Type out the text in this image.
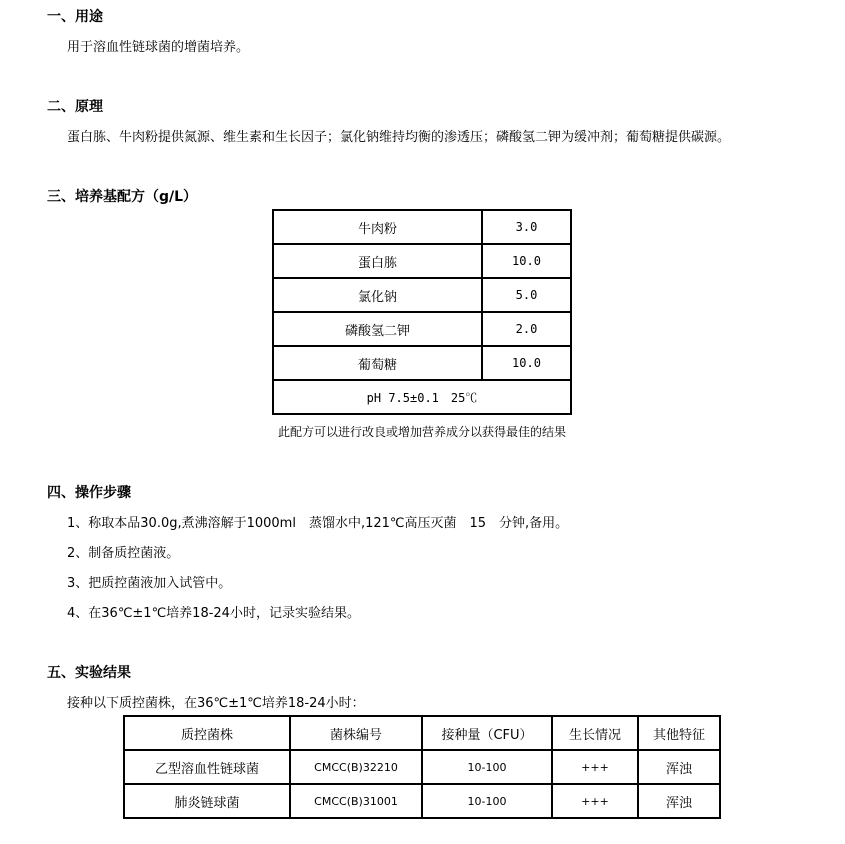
一、用途
用于溶血性链球菌的增菌培养。
二、原理
蛋白胨、牛肉粉提供氮源、维生素和生长因子；氯化钠维持均衡的渗透压；磷酸氢二钾为缓冲剂；葡萄糖提供碳源。
三、培养基配方（g/L）
牛肉粉	3.0
蛋白胨	10.0
氯化钠	5.0
磷酸氢二钾	2.0
葡萄糖	10.0
pH 7.5±0.1　25℃	
此配方可以进行改良或增加营养成分以获得最佳的结果
四、操作步骤
1、称取本品30.0g,煮沸溶解于1000ml　蒸馏水中,121℃高压灭菌　15　分钟,备用。
2、制备质控菌液。
3、把质控菌液加入试管中。
4、在36℃±1℃培养18-24小时，记录实验结果。
五、实验结果
接种以下质控菌株，在36℃±1℃培养18-24小时：
质控菌株	菌株编号	接种量（CFU）	生长情况	其他特征
乙型溶血性链球菌	CMCC(B)32210	10-100	+++	浑浊
肺炎链球菌	CMCC(B)31001	10-100	+++	浑浊
